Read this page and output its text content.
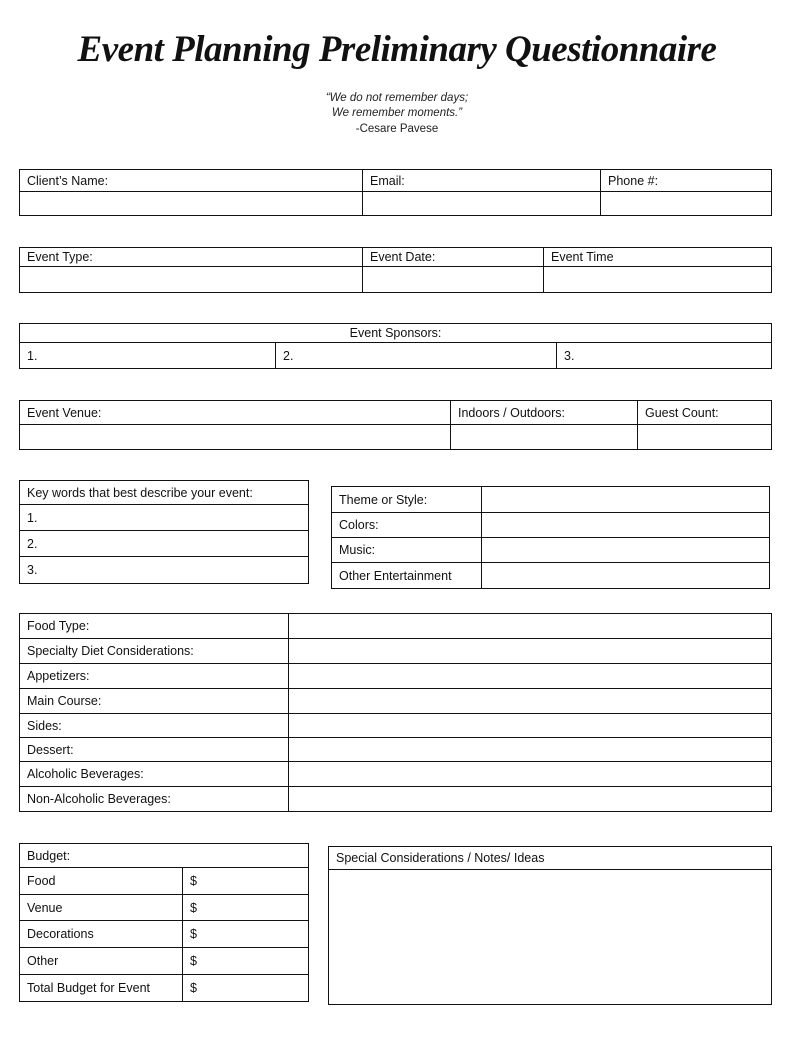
Event Planning Preliminary Questionnaire
“We do not remember days;
We remember moments.”
-Cesare Pavese
Client’s Name:	Email:	Phone #:

Event Type:	Event Date:	Event Time

Event Sponsors:
1.	2.	3.
Event Venue:	Indoors / Outdoors:	Guest Count:

Key words that best describe your event:
1.
2.
3.
Theme or Style:	
Colors:	
Music:	
Other Entertainment	
Food Type:	
Specialty Diet Considerations:	
Appetizers:	
Main Course:	
Sides:	
Dessert:	
Alcoholic Beverages:	
Non-Alcoholic Beverages:	
Budget:	
Food	$
Venue	$
Decorations	$
Other	$
Total Budget for Event	$
Special Considerations / Notes/ Ideas
